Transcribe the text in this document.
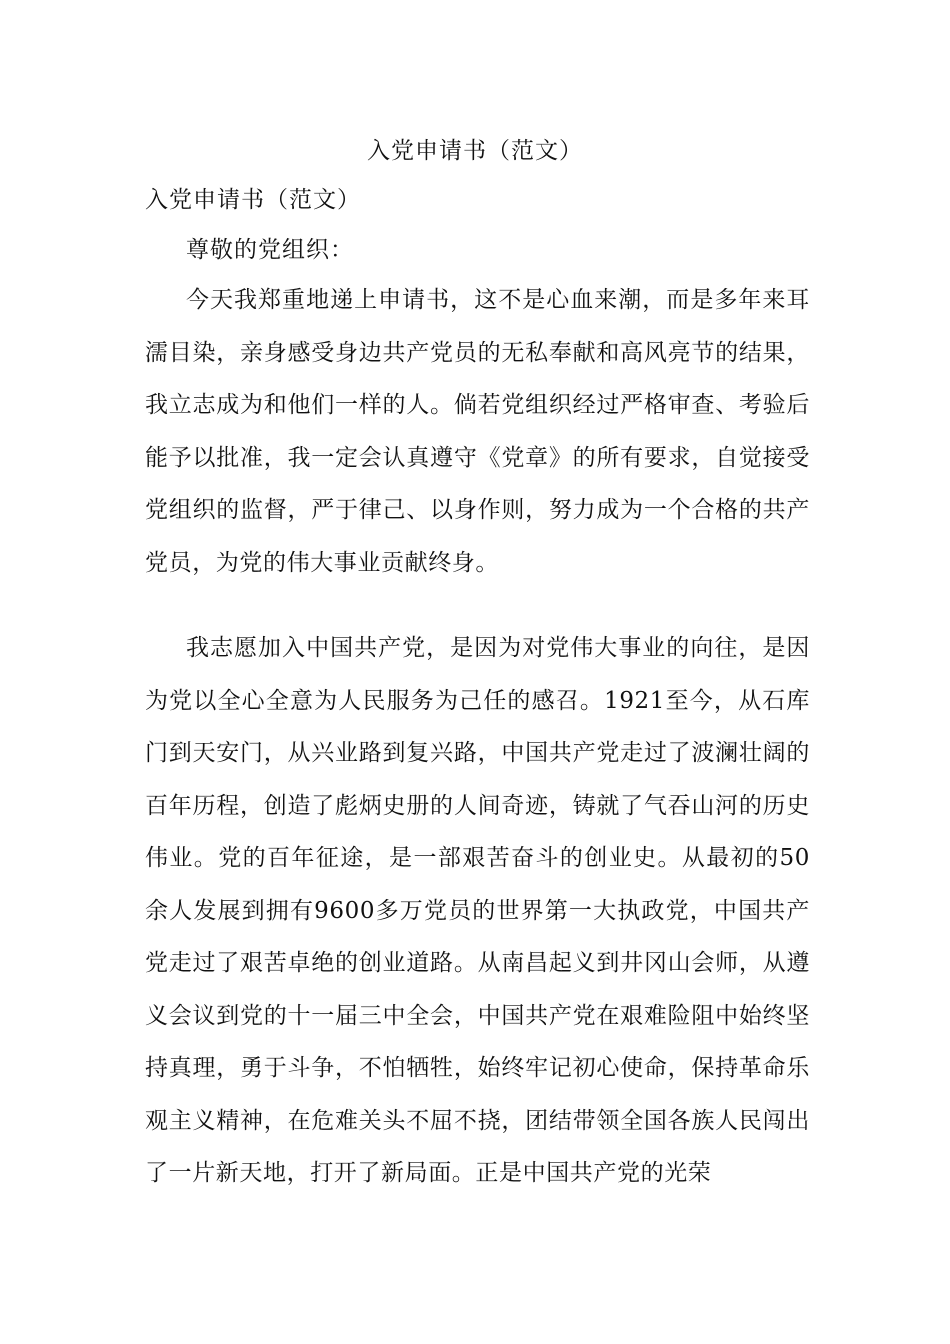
入党申请书（范文）
入党申请书（范文）
尊敬的党组织：

今天我郑重地递上申请书，这不是心血来潮，而是多年来耳濡目染，亲身感受身边共产党员的无私奉献和高风亮节的结果，我立志成为和他们一样的人。倘若党组织经过严格审查、考验后能予以批准，我一定会认真遵守《党章》的所有要求，自觉接受党组织的监督，严于律己、以身作则，努力成为一个合格的共产党员，为党的伟大事业贡献终身。

我志愿加入中国共产党，是因为对党伟大事业的向往，是因为党以全心全意为人民服务为己任的感召。1921至今，从石库门到天安门，从兴业路到复兴路，中国共产党走过了波澜壮阔的百年历程，创造了彪炳史册的人间奇迹，铸就了气吞山河的历史伟业。党的百年征途，是一部艰苦奋斗的创业史。从最初的50余人发展到拥有9600多万党员的世界第一大执政党，中国共产党走过了艰苦卓绝的创业道路。从南昌起义到井冈山会师，从遵义会议到党的十一届三中全会，中国共产党在艰难险阻中始终坚持真理，勇于斗争，不怕牺牲，始终牢记初心使命，保持革命乐观主义精神，在危难关头不屈不挠，团结带领全国各族人民闯出了一片新天地，打开了新局面。正是中国共产党的光荣
